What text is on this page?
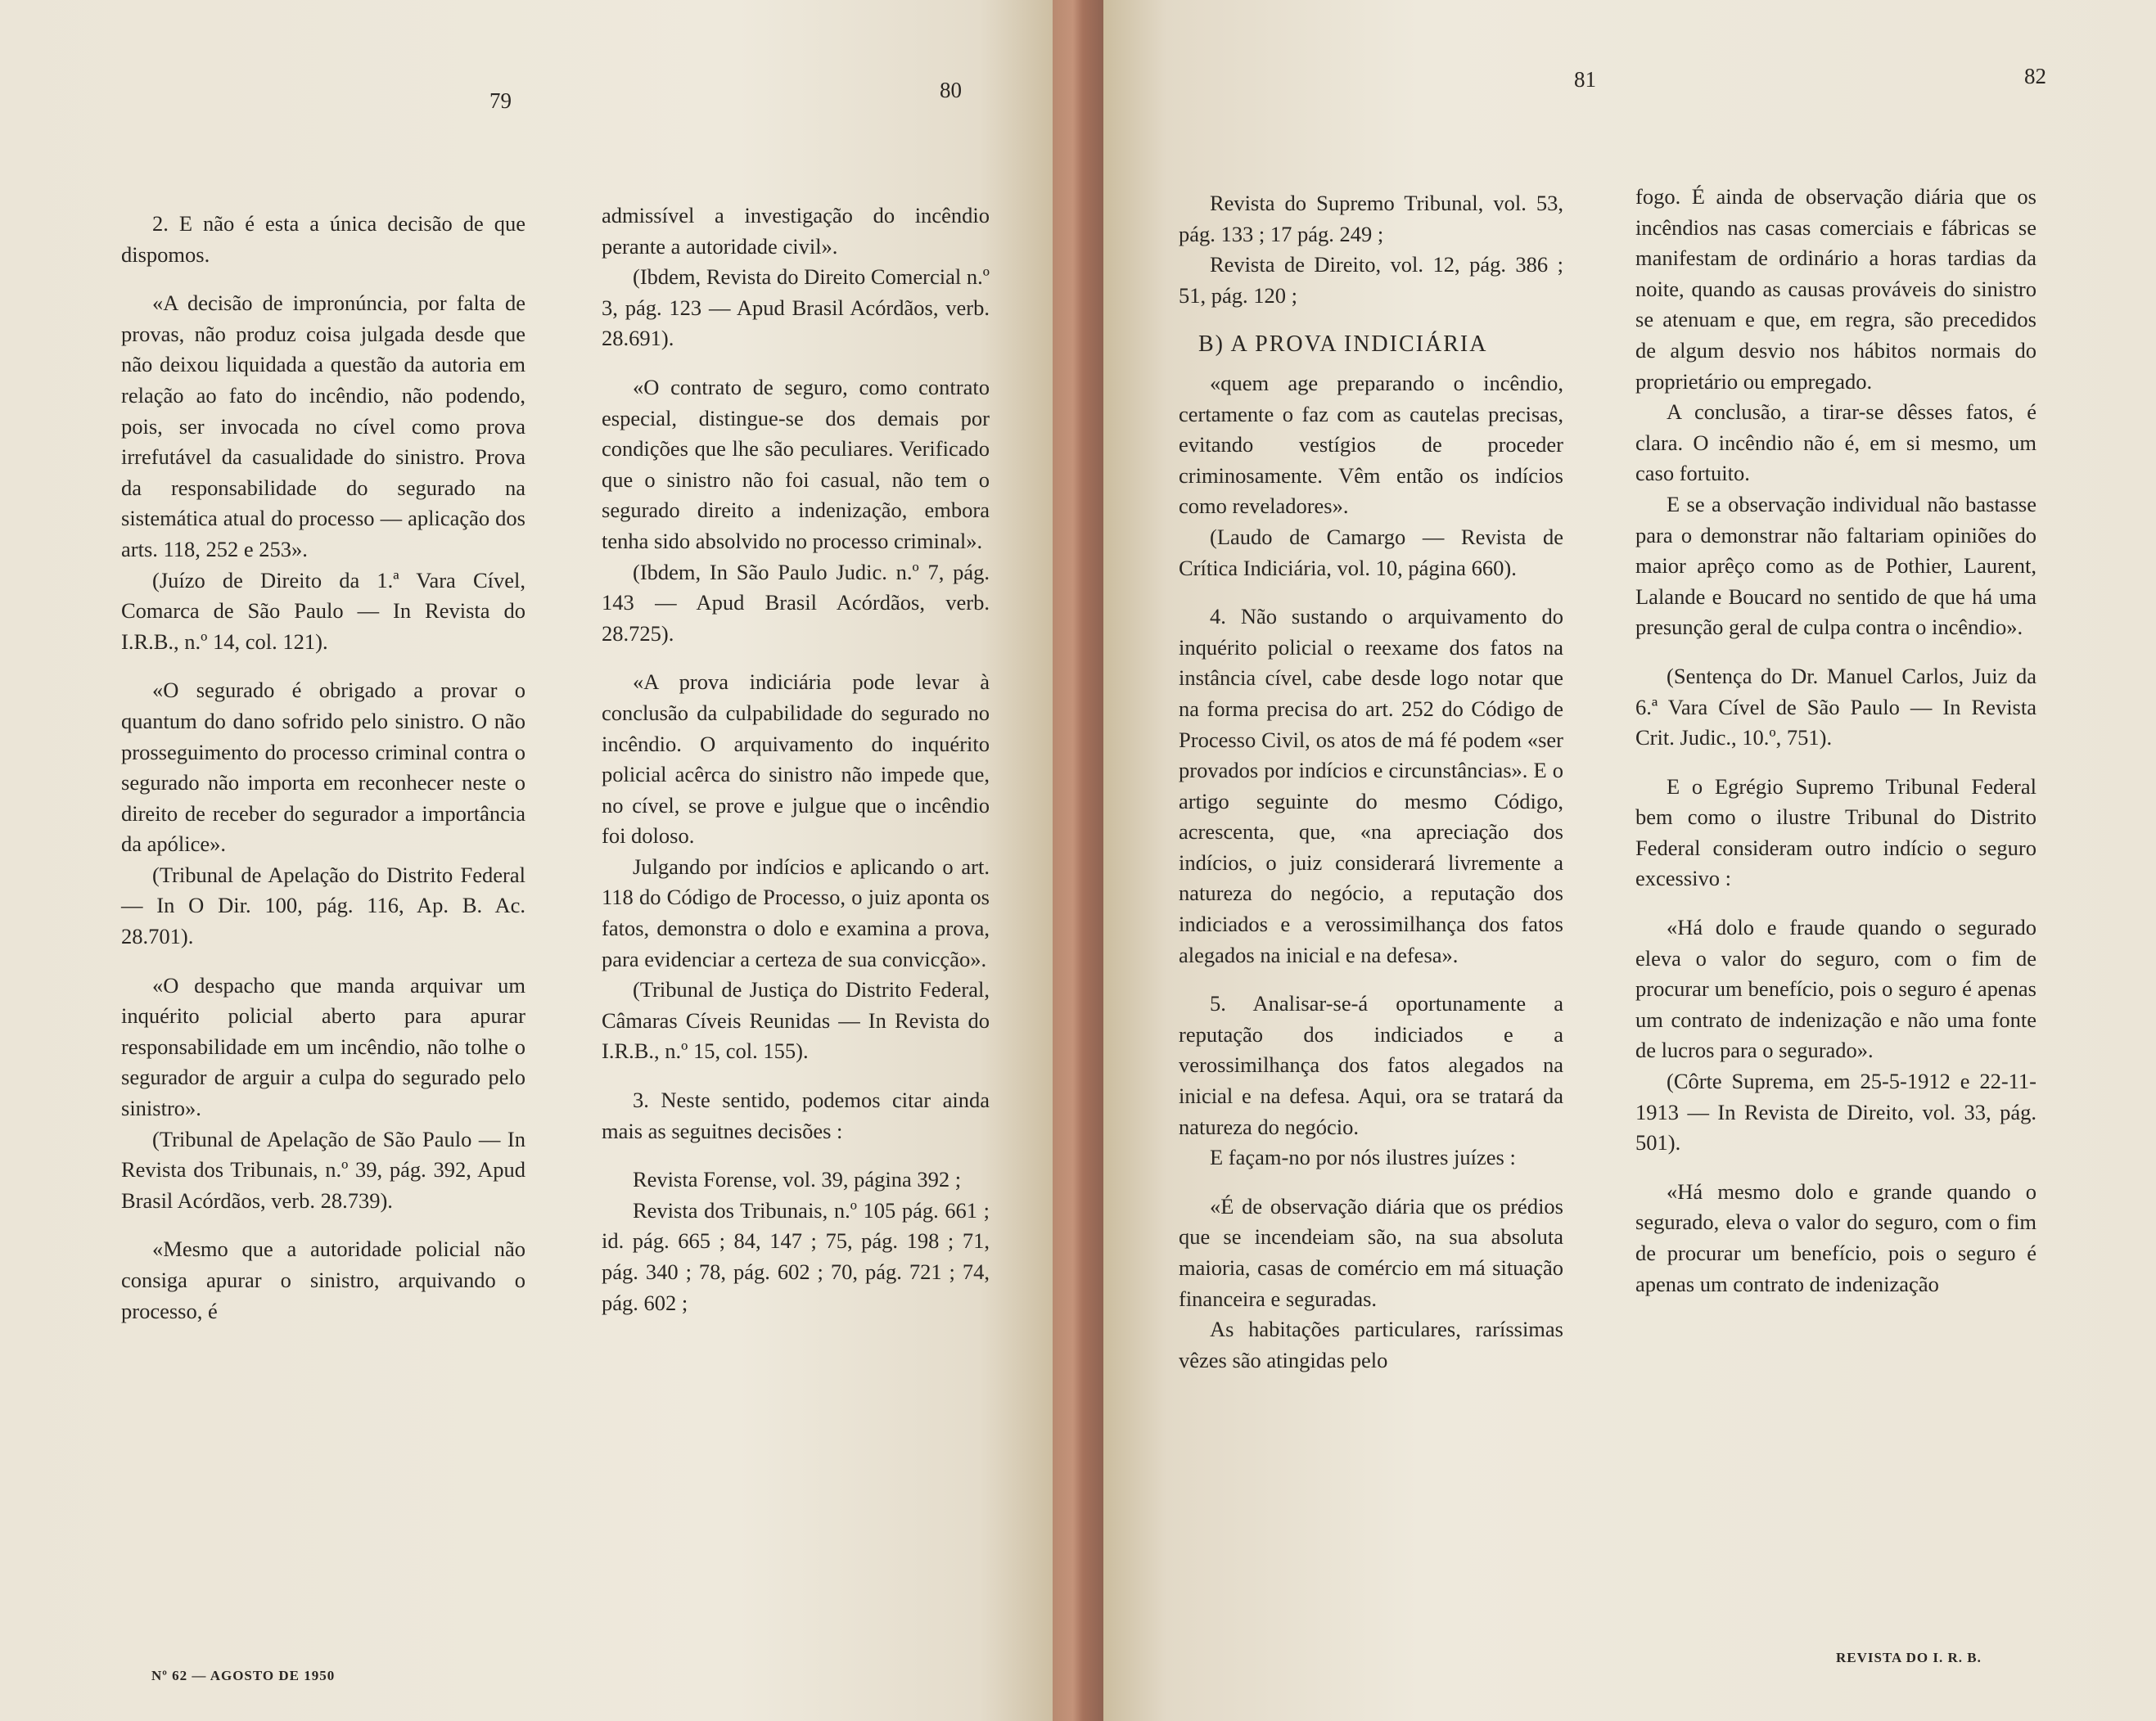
79	80

2. E não é esta a única decisão de que dispomos.

«A decisão de impronúncia, por falta de provas, não produz coisa julgada desde que não deixou liquidada a questão da autoria em relação ao fato do incêndio, não podendo, pois, ser invocada no cível como prova irrefutável da casualidade do sinistro. Prova da responsabilidade do segurado na sistemática atual do processo — aplicação dos arts. 118, 252 e 253».

(Juízo de Direito da 1.ª Vara Cível, Comarca de São Paulo — In Revista do I.R.B., n.º 14, col. 121).

«O segurado é obrigado a provar o quantum do dano sofrido pelo sinistro. O não prosseguimento do processo criminal contra o segurado não importa em reconhecer neste o direito de receber do segurador a importância da apólice».

(Tribunal de Apelação do Distrito Federal — In O Dir. 100, pág. 116, Ap. B. Ac. 28.701).

«O despacho que manda arquivar um inquérito policial aberto para apurar responsabilidade em um incêndio, não tolhe o segurador de arguir a culpa do segurado pelo sinistro».

(Tribunal de Apelação de São Paulo — In Revista dos Tribunais, n.º 39, pág. 392, Apud Brasil Acórdãos, verb. 28.739).

«Mesmo que a autoridade policial não consiga apurar o sinistro, arquivando o processo, é

admissível a investigação do incêndio perante a autoridade civil».

(Ibdem, Revista do Direito Comercial n.º 3, pág. 123 — Apud Brasil Acórdãos, verb. 28.691).

«O contrato de seguro, como contrato especial, distingue-se dos demais por condições que lhe são peculiares. Verificado que o sinistro não foi casual, não tem o segurado direito a indenização, embora tenha sido absolvido no processo criminal».

(Ibdem, In São Paulo Judic. n.º 7, pág. 143 — Apud Brasil Acórdãos, verb. 28.725).

«A prova indiciária pode levar à conclusão da culpabilidade do segurado no incêndio. O arquivamento do inquérito policial acêrca do sinistro não impede que, no cível, se prove e julgue que o incêndio foi doloso.

Julgando por indícios e aplicando o art. 118 do Código de Processo, o juiz aponta os fatos, demonstra o dolo e examina a prova, para evidenciar a certeza de sua convicção».

(Tribunal de Justiça do Distrito Federal, Câmaras Cíveis Reunidas — In Revista do I.R.B., n.º 15, col. 155).

3. Neste sentido, podemos citar ainda mais as seguitnes decisões :

Revista Forense, vol. 39, página 392 ;

Revista dos Tribunais, n.º 105 pág. 661 ; id. pág. 665 ; 84, 147 ; 75, pág. 198 ; 71, pág. 340 ; 78, pág. 602 ; 70, pág. 721 ; 74, pág. 602 ;

Nº 62 — AGOSTO DE 1950
81	82

Revista do Supremo Tribunal, vol. 53, pág. 133 ; 17 pág. 249 ;

Revista de Direito, vol. 12, pág. 386 ; 51, pág. 120 ;

B) A PROVA INDICIÁRIA

«quem age preparando o incêndio, certamente o faz com as cautelas precisas, evitando vestígios de proceder criminosamente. Vêm então os indícios como reveladores».

(Laudo de Camargo — Revista de Crítica Indiciária, vol. 10, página 660).

4. Não sustando o arquivamento do inquérito policial o reexame dos fatos na instância cível, cabe desde logo notar que na forma precisa do art. 252 do Código de Processo Civil, os atos de má fé podem «ser provados por indícios e circunstâncias». E o artigo seguinte do mesmo Código, acrescenta, que, «na apreciação dos indícios, o juiz considerará livremente a natureza do negócio, a reputação dos indiciados e a verossimilhança dos fatos alegados na inicial e na defesa».

5. Analisar-se-á oportunamente a reputação dos indiciados e a verossimilhança dos fatos alegados na inicial e na defesa. Aqui, ora se tratará da natureza do negócio.

E façam-no por nós ilustres juízes :

«É de observação diária que os prédios que se incendeiam são, na sua absoluta maioria, casas de comércio em má situação financeira e seguradas.

As habitações particulares, raríssimas vêzes são atingidas pelo

fogo. É ainda de observação diária que os incêndios nas casas comerciais e fábricas se manifestam de ordinário a horas tardias da noite, quando as causas prováveis do sinistro se atenuam e que, em regra, são precedidos de algum desvio nos hábitos normais do proprietário ou empregado.

A conclusão, a tirar-se dêsses fatos, é clara. O incêndio não é, em si mesmo, um caso fortuito.

E se a observação individual não bastasse para o demonstrar não faltariam opiniões do maior aprêço como as de Pothier, Laurent, Lalande e Boucard no sentido de que há uma presunção geral de culpa contra o incêndio».

(Sentença do Dr. Manuel Carlos, Juiz da 6.ª Vara Cível de São Paulo — In Revista Crit. Judic., 10.º, 751).

E o Egrégio Supremo Tribunal Federal bem como o ilustre Tribunal do Distrito Federal consideram outro indício o seguro excessivo :

«Há dolo e fraude quando o segurado eleva o valor do seguro, com o fim de procurar um benefício, pois o seguro é apenas um contrato de indenização e não uma fonte de lucros para o segurado».

(Côrte Suprema, em 25-5-1912 e 22-11-1913 — In Revista de Direito, vol. 33, pág. 501).

«Há mesmo dolo e grande quando o segurado, eleva o valor do seguro, com o fim de procurar um benefício, pois o seguro é apenas um contrato de indenização

REVISTA DO I. R. B.
